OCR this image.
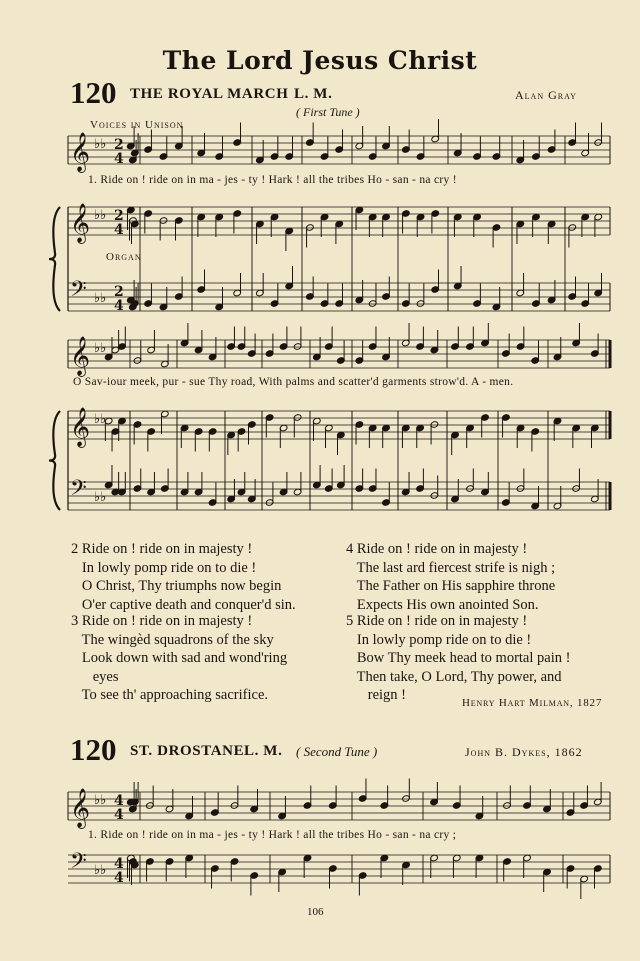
The Lord Jesus Christ
120 THE ROYAL MARCH L. M.	Alan Gray
( First Tune )
Voices in Unison
Organ
𝄞 ♭♭ 2
4
𝄞 ♭♭ 2
4
𝄢 ♭♭ 2
4
𝄞 ♭♭
𝄞 ♭♭
𝄢 ♭♭
𝄞 ♭♭ 4
4
𝄢 ♭♭ 4
4
1. Ride on ! ride on in ma - jes - ty ! Hark ! all the tribes Ho - san - na cry !
O Sav-iour meek, pur - sue Thy road, With palms and scatter'd garments strow'd. A - men.
2 Ride on ! ride on in majesty !
In lowly pomp ride on to die !
O Christ, Thy triumphs now begin
O'er captive death and conquer'd sin.
3 Ride on ! ride on in majesty !
The wingèd squadrons of the sky
Look down with sad and wond'ring
eyes
To see th' approaching sacrifice.
4 Ride on ! ride on in majesty !
The last ard fiercest strife is nigh ;
The Father on His sapphire throne
Expects His own anointed Son.
5 Ride on ! ride on in majesty !
In lowly pomp ride on to die !
Bow Thy meek head to mortal pain !
Then take, O Lord, Thy power, and
reign !	Henry Hart Milman, 1827
120 ST. DROSTANE L. M. ( Second Tune )	John B. Dykes, 1862
1. Ride on ! ride on in ma - jes - ty ! Hark ! all the tribes Ho - san - na cry ;
106
